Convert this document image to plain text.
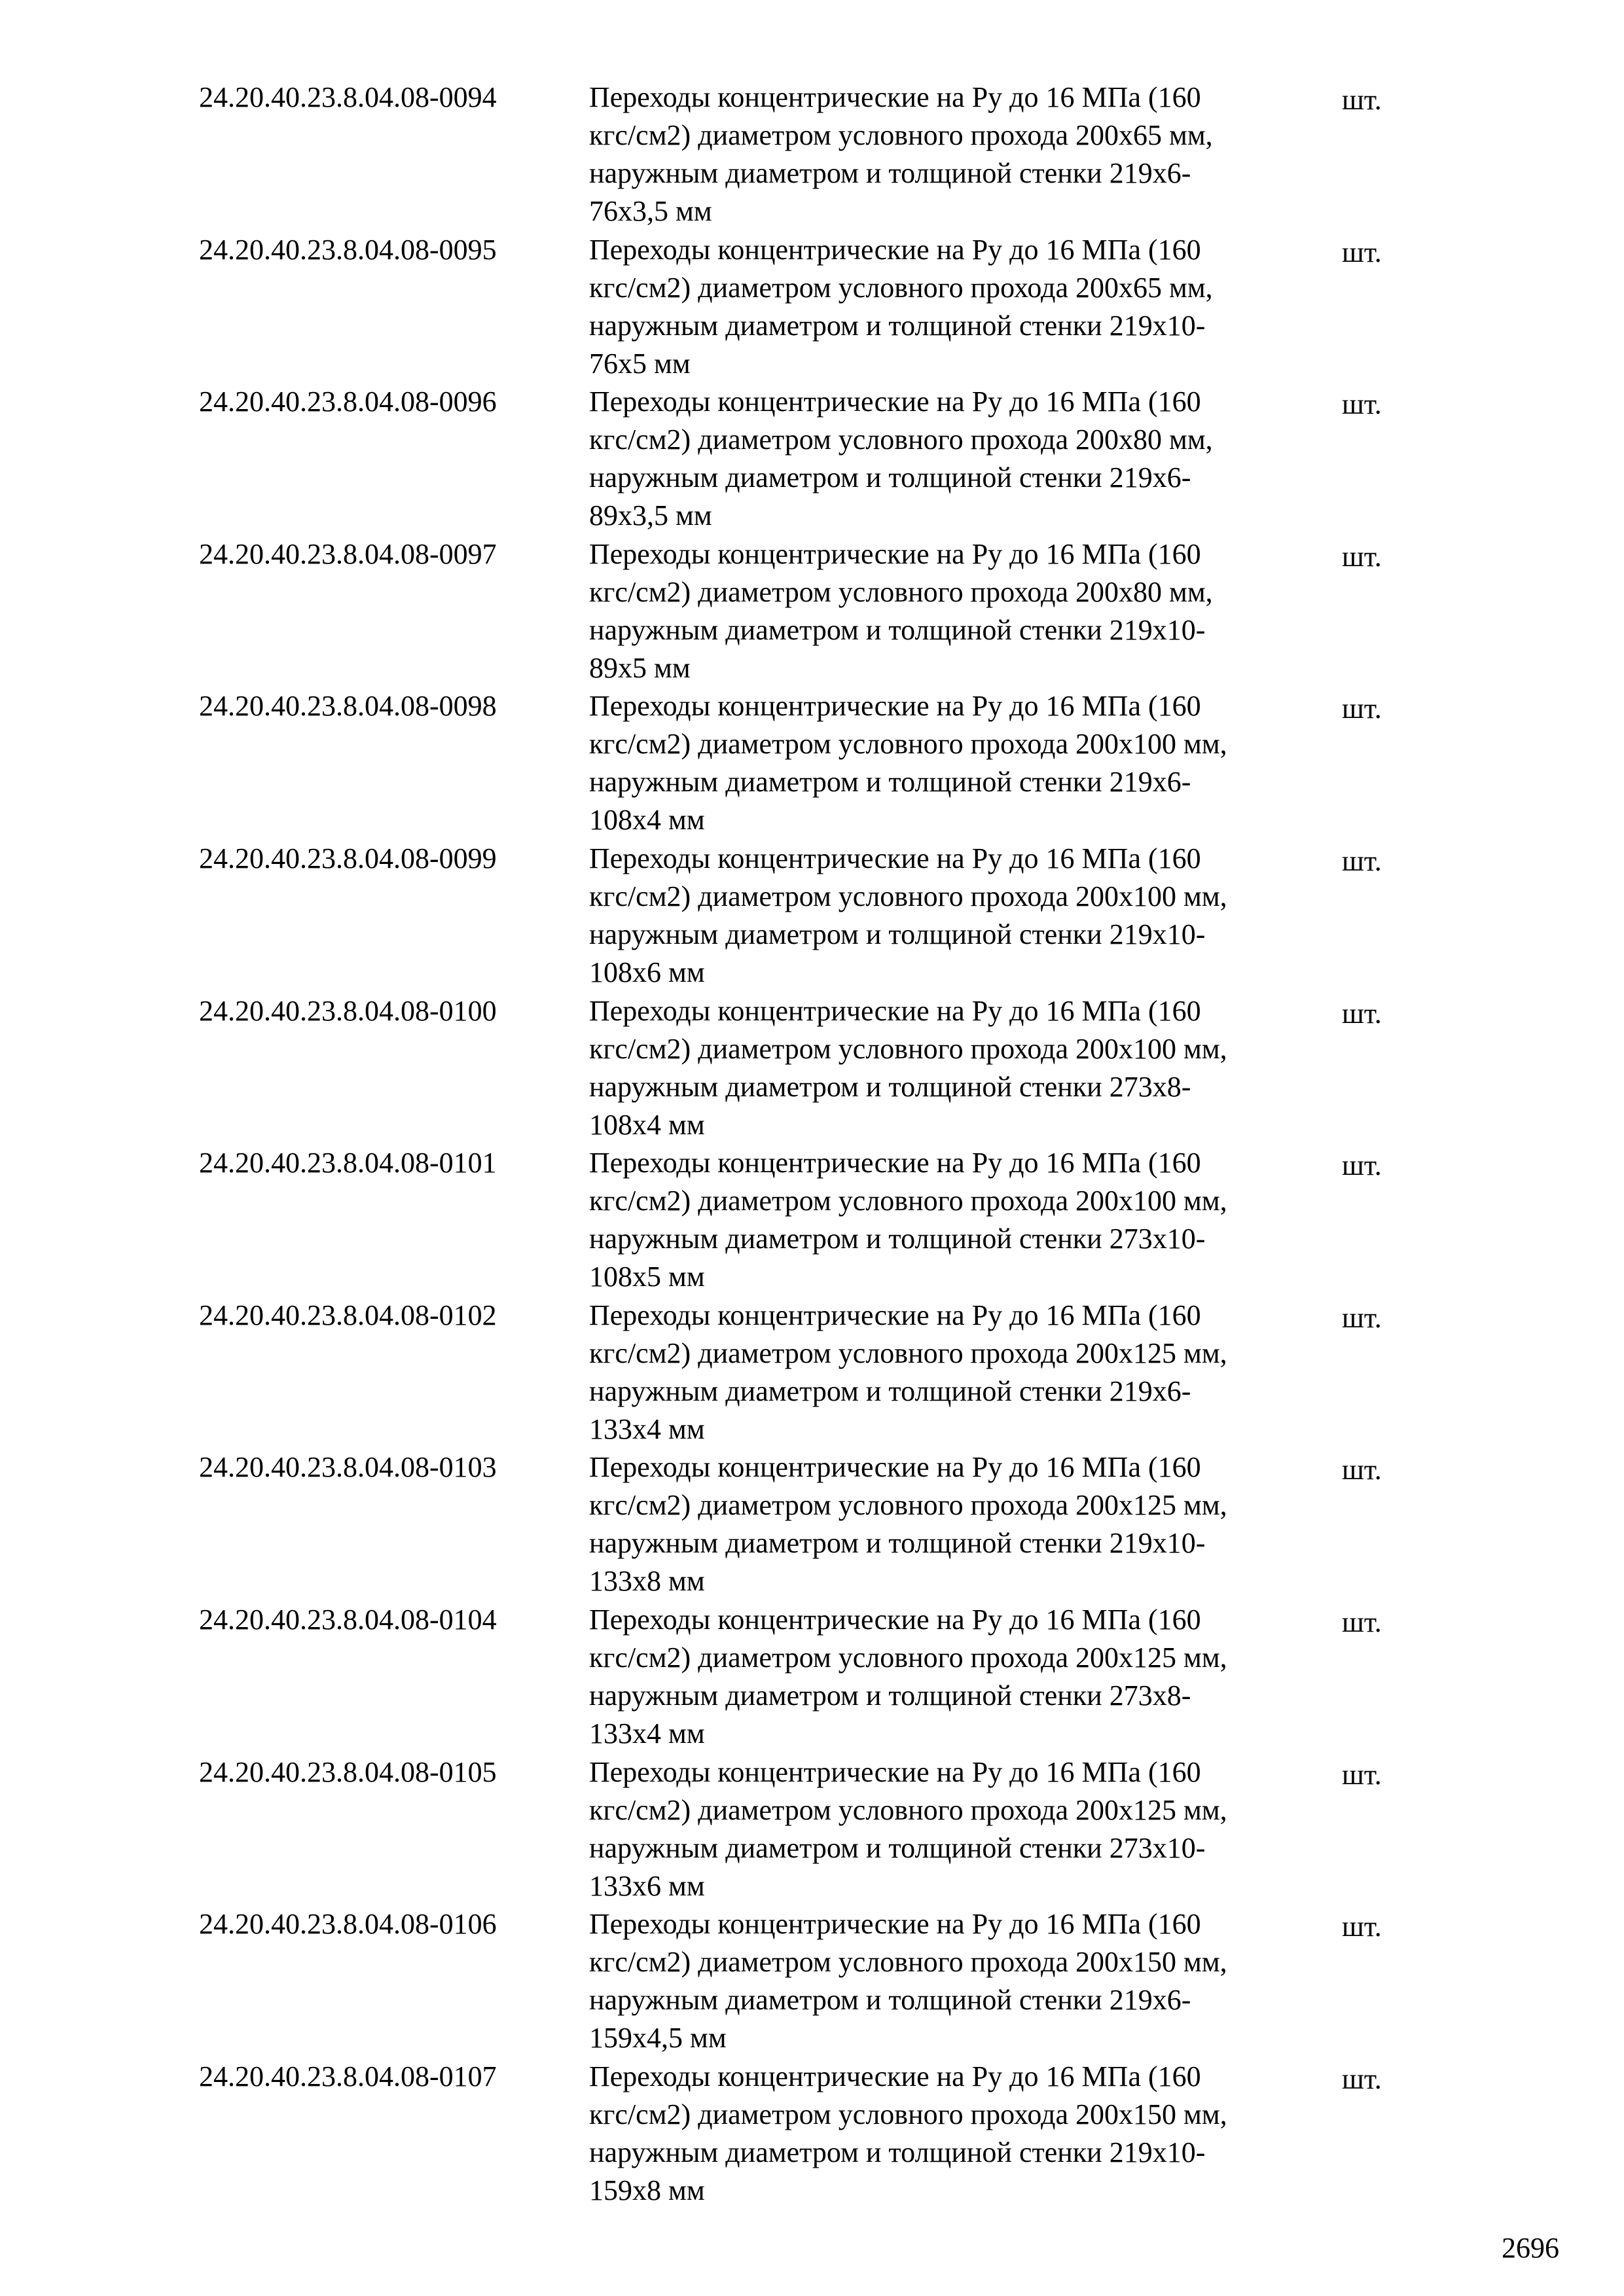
24.20.40.23.8.04.08-0094	Переходы концентрические на Ру до 16 МПа (160
кгс/см2) диаметром условного прохода 200х65 мм,
наружным диаметром и толщиной стенки 219х6-
76х3,5 мм
шт.
24.20.40.23.8.04.08-0095	Переходы концентрические на Ру до 16 МПа (160
кгс/см2) диаметром условного прохода 200х65 мм,
наружным диаметром и толщиной стенки 219х10-
76х5 мм
шт.
24.20.40.23.8.04.08-0096	Переходы концентрические на Ру до 16 МПа (160
кгс/см2) диаметром условного прохода 200х80 мм,
наружным диаметром и толщиной стенки 219х6-
89х3,5 мм
шт.
24.20.40.23.8.04.08-0097	Переходы концентрические на Ру до 16 МПа (160
кгс/см2) диаметром условного прохода 200х80 мм,
наружным диаметром и толщиной стенки 219х10-
89х5 мм
шт.
24.20.40.23.8.04.08-0098	Переходы концентрические на Ру до 16 МПа (160
кгс/см2) диаметром условного прохода 200х100 мм,
наружным диаметром и толщиной стенки 219х6-
108х4 мм
шт.
24.20.40.23.8.04.08-0099	Переходы концентрические на Ру до 16 МПа (160
кгс/см2) диаметром условного прохода 200х100 мм,
наружным диаметром и толщиной стенки 219х10-
108х6 мм
шт.
24.20.40.23.8.04.08-0100	Переходы концентрические на Ру до 16 МПа (160
кгс/см2) диаметром условного прохода 200х100 мм,
наружным диаметром и толщиной стенки 273х8-
108х4 мм
шт.
24.20.40.23.8.04.08-0101	Переходы концентрические на Ру до 16 МПа (160
кгс/см2) диаметром условного прохода 200х100 мм,
наружным диаметром и толщиной стенки 273х10-
108х5 мм
шт.
24.20.40.23.8.04.08-0102	Переходы концентрические на Ру до 16 МПа (160
кгс/см2) диаметром условного прохода 200х125 мм,
наружным диаметром и толщиной стенки 219х6-
133х4 мм
шт.
24.20.40.23.8.04.08-0103	Переходы концентрические на Ру до 16 МПа (160
кгс/см2) диаметром условного прохода 200х125 мм,
наружным диаметром и толщиной стенки 219х10-
133х8 мм
шт.
24.20.40.23.8.04.08-0104	Переходы концентрические на Ру до 16 МПа (160
кгс/см2) диаметром условного прохода 200х125 мм,
наружным диаметром и толщиной стенки 273х8-
133х4 мм
шт.
24.20.40.23.8.04.08-0105	Переходы концентрические на Ру до 16 МПа (160
кгс/см2) диаметром условного прохода 200х125 мм,
наружным диаметром и толщиной стенки 273х10-
133х6 мм
шт.
24.20.40.23.8.04.08-0106	Переходы концентрические на Ру до 16 МПа (160
кгс/см2) диаметром условного прохода 200х150 мм,
наружным диаметром и толщиной стенки 219х6-
159х4,5 мм
шт.
24.20.40.23.8.04.08-0107	Переходы концентрические на Ру до 16 МПа (160
кгс/см2) диаметром условного прохода 200х150 мм,
наружным диаметром и толщиной стенки 219х10-
159х8 мм
шт.
2696
